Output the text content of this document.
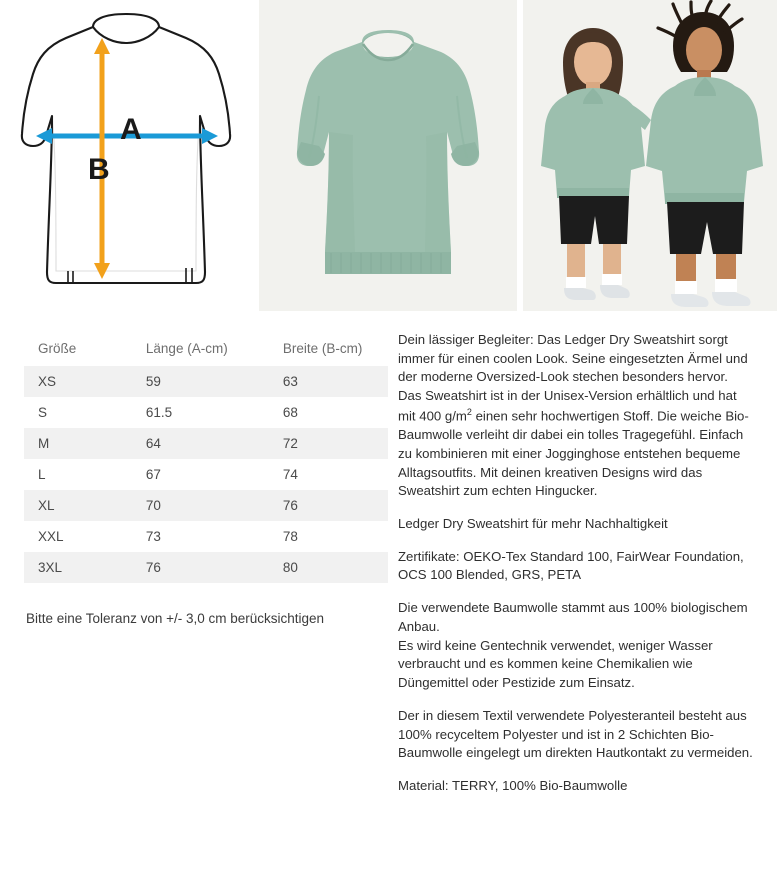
A
B
Größe	Länge (A-cm)	Breite (B-cm)
XS	59	63
S	61.5	68
M	64	72
L	67	74
XL	70	76
XXL	73	78
3XL	76	80
Bitte eine Toleranz von +/- 3,0 cm berücksichtigen

Dein lässiger Begleiter: Das Ledger Dry Sweatshirt sorgt immer für einen coolen Look. Seine eingesetzten Ärmel und der moderne Oversized-Look stechen besonders hervor. Das Sweatshirt ist in der Unisex-Version erhältlich und hat mit 400 $g/m^2$ einen sehr hochwertigen Stoff. Die weiche Bio-Baumwolle verleiht dir dabei ein tolles Tragegefühl. Einfach zu kombinieren mit einer Jogginghose entstehen bequeme Alltagsoutfits. Mit deinen kreativen Designs wird das Sweatshirt zum echten Hingucker.

Ledger Dry Sweatshirt für mehr Nachhaltigkeit

Zertifikate: OEKO-Tex Standard 100, FairWear Foundation, OCS 100 Blended, GRS, PETA

Die verwendete Baumwolle stammt aus 100% biologischem Anbau.
Es wird keine Gentechnik verwendet, weniger Wasser verbraucht und es kommen keine Chemikalien wie Düngemittel oder Pestizide zum Einsatz.

Der in diesem Textil verwendete Polyesteranteil besteht aus 100% recyceltem Polyester und ist in 2 Schichten Bio-Baumwolle eingelegt um direkten Hautkontakt zu vermeiden.

Material: TERRY, 100% Bio-Baumwolle
